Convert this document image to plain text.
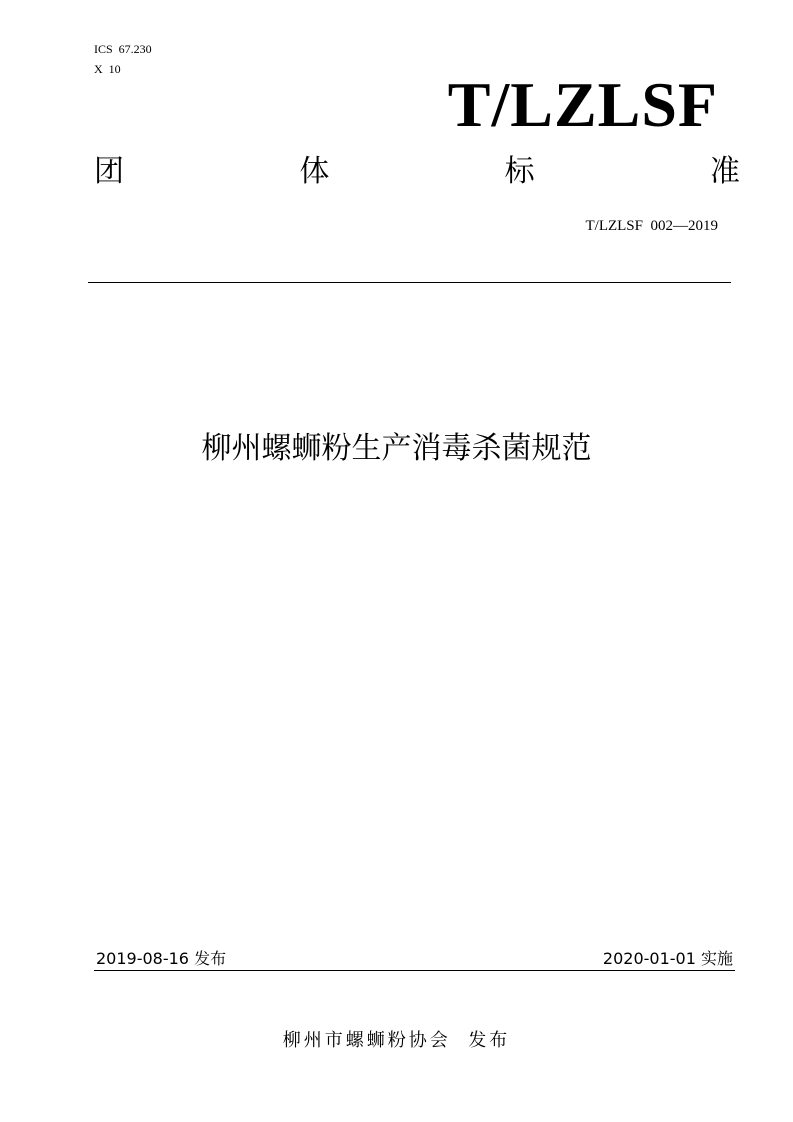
ICS  67.230
X  10	T/LZLSF
团	体	标	准
T/LZLSF  002—2019
柳州螺蛳粉生产消毒杀菌规范
2019-08-16 发布	2020-01-01 实施
柳州市螺蛳粉协会  发布
